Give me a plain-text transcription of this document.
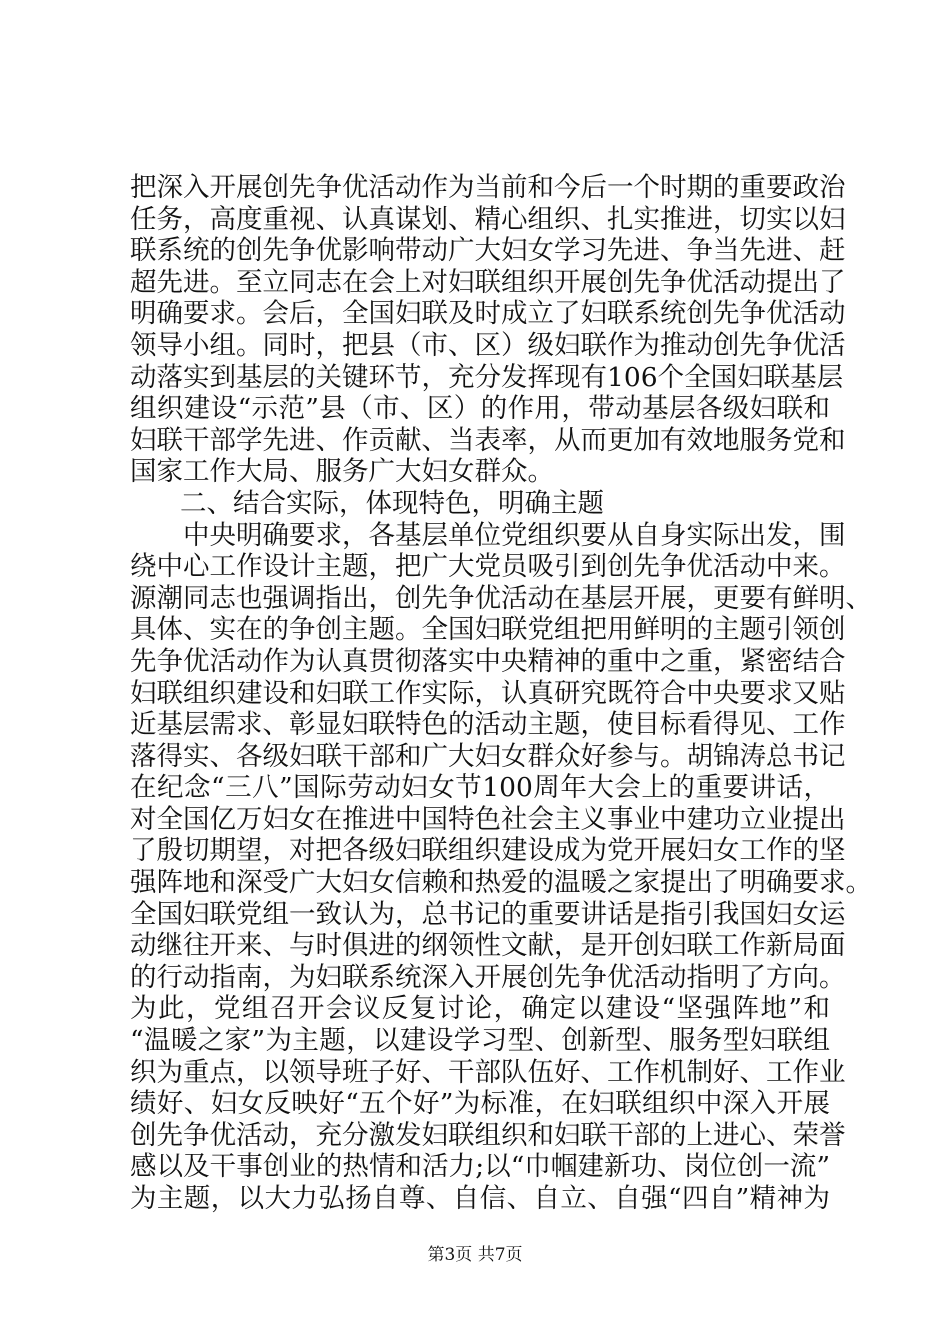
把深入开展创先争优活动作为当前和今后一个时期的重要政治
任务，高度重视、认真谋划、精心组织、扎实推进，切实以妇
联系统的创先争优影响带动广大妇女学习先进、争当先进、赶
超先进。至立同志在会上对妇联组织开展创先争优活动提出了
明确要求。会后，全国妇联及时成立了妇联系统创先争优活动
领导小组。同时，把县（市、区）级妇联作为推动创先争优活
动落实到基层的关键环节，充分发挥现有106个全国妇联基层
组织建设“示范”县（市、区）的作用，带动基层各级妇联和
妇联干部学先进、作贡献、当表率，从而更加有效地服务党和
国家工作大局、服务广大妇女群众。
二、结合实际，体现特色，明确主题
中央明确要求，各基层单位党组织要从自身实际出发，围
绕中心工作设计主题，把广大党员吸引到创先争优活动中来。
源潮同志也强调指出，创先争优活动在基层开展，更要有鲜明、
具体、实在的争创主题。全国妇联党组把用鲜明的主题引领创
先争优活动作为认真贯彻落实中央精神的重中之重，紧密结合
妇联组织建设和妇联工作实际，认真研究既符合中央要求又贴
近基层需求、彰显妇联特色的活动主题，使目标看得见、工作
落得实、各级妇联干部和广大妇女群众好参与。胡锦涛总书记
在纪念“三八”国际劳动妇女节100周年大会上的重要讲话，
对全国亿万妇女在推进中国特色社会主义事业中建功立业提出
了殷切期望，对把各级妇联组织建设成为党开展妇女工作的坚
强阵地和深受广大妇女信赖和热爱的温暖之家提出了明确要求。
全国妇联党组一致认为，总书记的重要讲话是指引我国妇女运
动继往开来、与时俱进的纲领性文献，是开创妇联工作新局面
的行动指南，为妇联系统深入开展创先争优活动指明了方向。
为此，党组召开会议反复讨论，确定以建设“坚强阵地”和
“温暖之家”为主题，以建设学习型、创新型、服务型妇联组
织为重点，以领导班子好、干部队伍好、工作机制好、工作业
绩好、妇女反映好“五个好”为标准，在妇联组织中深入开展
创先争优活动，充分激发妇联组织和妇联干部的上进心、荣誉
感以及干事创业的热情和活力;以“巾帼建新功、岗位创一流”
为主题，以大力弘扬自尊、自信、自立、自强“四自”精神为
第3页 共7页
